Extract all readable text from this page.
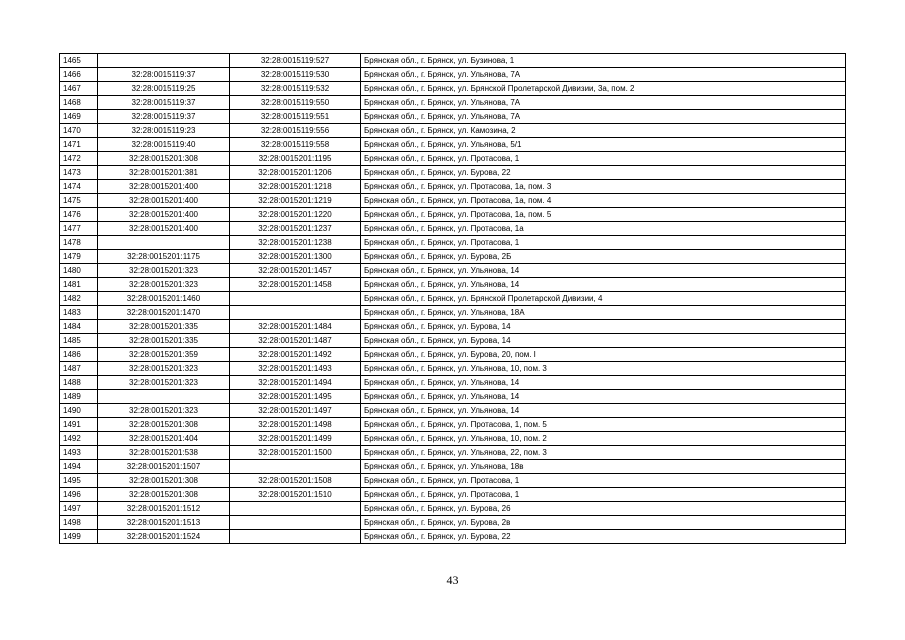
1465		32:28:0015119:527	Брянская обл., г. Брянск, ул. Бузинова, 1
1466	32:28:0015119:37	32:28:0015119:530	Брянская обл., г. Брянск, ул. Ульянова, 7А
1467	32:28:0015119:25	32:28:0015119:532	Брянская обл., г. Брянск, ул. Брянской Пролетарской Дивизии, 3а, пом. 2
1468	32:28:0015119:37	32:28:0015119:550	Брянская обл., г. Брянск, ул. Ульянова, 7А
1469	32:28:0015119:37	32:28:0015119:551	Брянская обл., г. Брянск, ул. Ульянова, 7А
1470	32:28:0015119:23	32:28:0015119:556	Брянская обл., г. Брянск, ул. Камозина, 2
1471	32:28:0015119:40	32:28:0015119:558	Брянская обл., г. Брянск, ул. Ульянова, 5/1
1472	32:28:0015201:308	32:28:0015201:1195	Брянская обл., г. Брянск, ул. Протасова, 1
1473	32:28:0015201:381	32:28:0015201:1206	Брянская обл., г. Брянск, ул. Бурова, 22
1474	32:28:0015201:400	32:28:0015201:1218	Брянская обл., г. Брянск, ул. Протасова, 1а, пом. 3
1475	32:28:0015201:400	32:28:0015201:1219	Брянская обл., г. Брянск, ул. Протасова, 1а, пом. 4
1476	32:28:0015201:400	32:28:0015201:1220	Брянская обл., г. Брянск, ул. Протасова, 1а, пом. 5
1477	32:28:0015201:400	32:28:0015201:1237	Брянская обл., г. Брянск, ул. Протасова, 1а
1478		32:28:0015201:1238	Брянская обл., г. Брянск, ул. Протасова, 1
1479	32:28:0015201:1175	32:28:0015201:1300	Брянская обл., г. Брянск, ул. Бурова, 2Б
1480	32:28:0015201:323	32:28:0015201:1457	Брянская обл., г. Брянск, ул. Ульянова, 14
1481	32:28:0015201:323	32:28:0015201:1458	Брянская обл., г. Брянск, ул. Ульянова, 14
1482	32:28:0015201:1460		Брянская обл., г. Брянск, ул. Брянской Пролетарской Дивизии, 4
1483	32:28:0015201:1470		Брянская обл., г. Брянск, ул. Ульянова, 18А
1484	32:28:0015201:335	32:28:0015201:1484	Брянская обл., г. Брянск, ул. Бурова, 14
1485	32:28:0015201:335	32:28:0015201:1487	Брянская обл., г. Брянск, ул. Бурова, 14
1486	32:28:0015201:359	32:28:0015201:1492	Брянская обл., г. Брянск, ул. Бурова, 20, пом. I
1487	32:28:0015201:323	32:28:0015201:1493	Брянская обл., г. Брянск, ул. Ульянова, 10, пом. 3
1488	32:28:0015201:323	32:28:0015201:1494	Брянская обл., г. Брянск, ул. Ульянова, 14
1489		32:28:0015201:1495	Брянская обл., г. Брянск, ул. Ульянова, 14
1490	32:28:0015201:323	32:28:0015201:1497	Брянская обл., г. Брянск, ул. Ульянова, 14
1491	32:28:0015201:308	32:28:0015201:1498	Брянская обл., г. Брянск, ул. Протасова, 1, пом. 5
1492	32:28:0015201:404	32:28:0015201:1499	Брянская обл., г. Брянск, ул. Ульянова, 10, пом. 2
1493	32:28:0015201:538	32:28:0015201:1500	Брянская обл., г. Брянск, ул. Ульянова, 22, пом. 3
1494	32:28:0015201:1507		Брянская обл., г. Брянск, ул. Ульянова, 18в
1495	32:28:0015201:308	32:28:0015201:1508	Брянская обл., г. Брянск, ул. Протасова, 1
1496	32:28:0015201:308	32:28:0015201:1510	Брянская обл., г. Брянск, ул. Протасова, 1
1497	32:28:0015201:1512		Брянская обл., г. Брянск, ул. Бурова, 26
1498	32:28:0015201:1513		Брянская обл., г. Брянск, ул. Бурова, 2в
1499	32:28:0015201:1524		Брянская обл., г. Брянск, ул. Бурова, 22
43
